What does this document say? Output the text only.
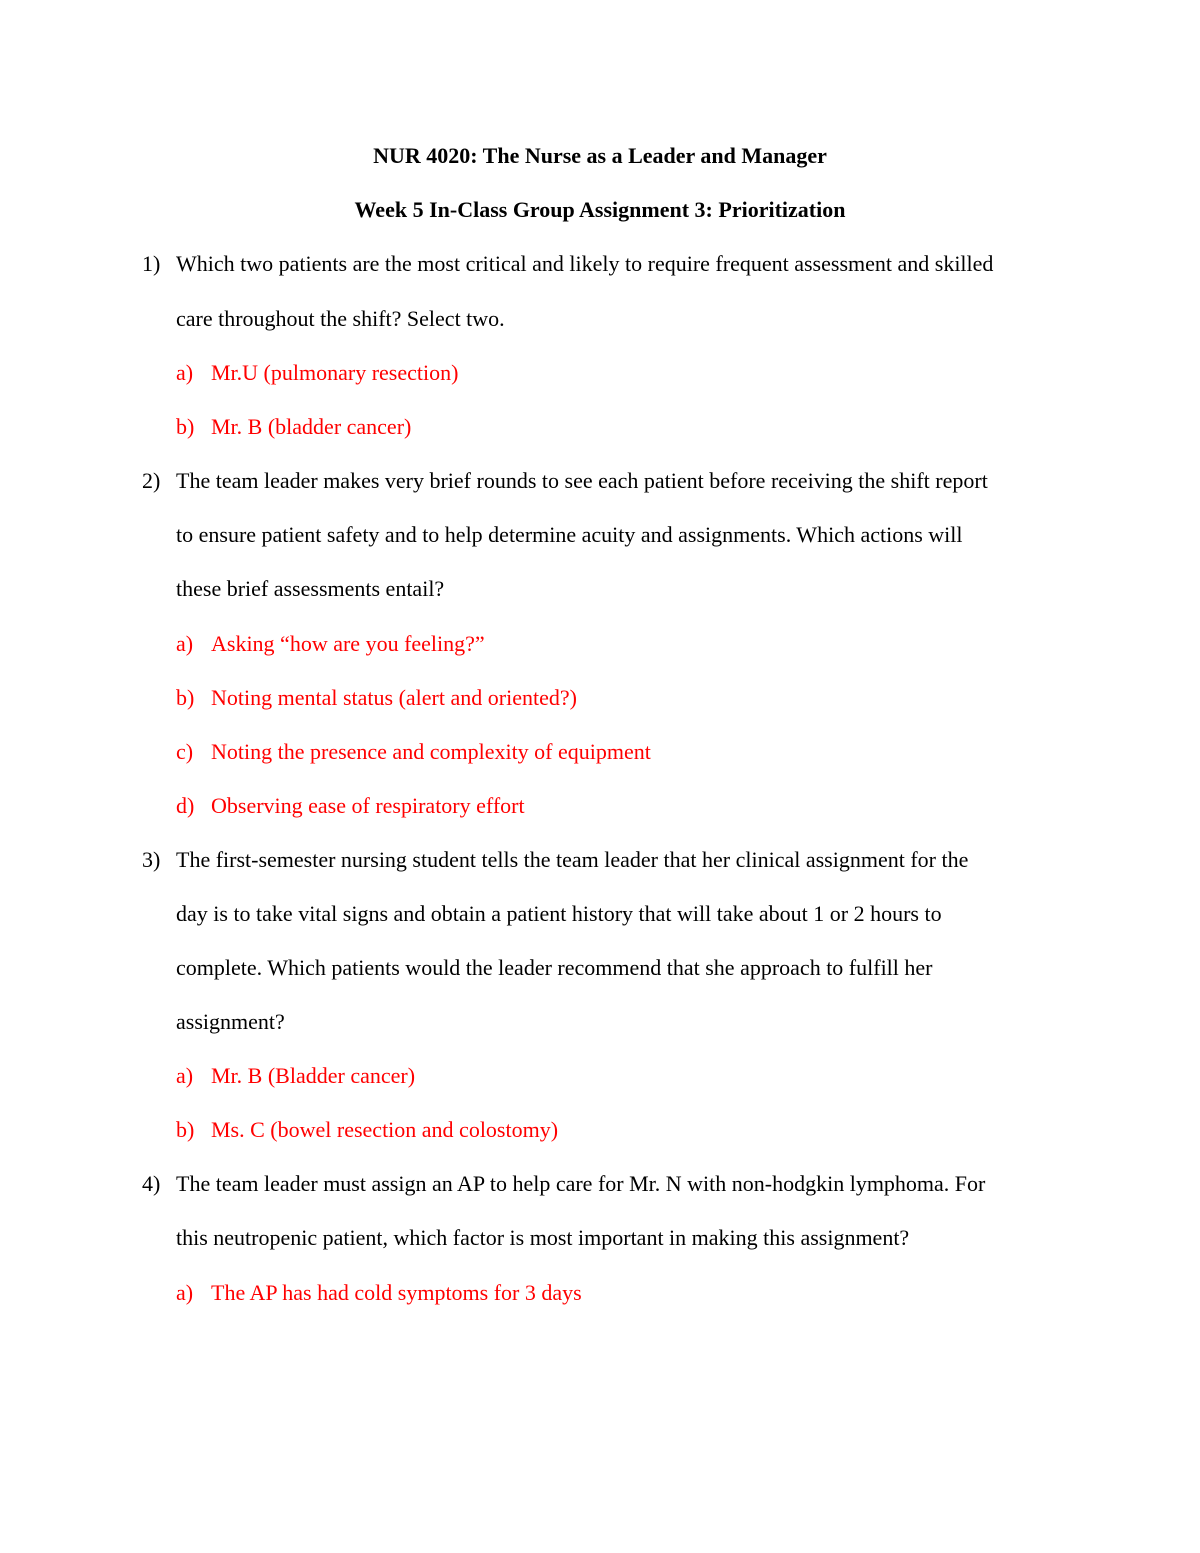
NUR 4020: The Nurse as a Leader and Manager
Week 5 In-Class Group Assignment 3: Prioritization
1) Which two patients are the most critical and likely to require frequent assessment and skilled
care throughout the shift? Select two.
a) Mr.U (pulmonary resection)
b) Mr. B (bladder cancer)
2) The team leader makes very brief rounds to see each patient before receiving the shift report
to ensure patient safety and to help determine acuity and assignments. Which actions will
these brief assessments entail?
a) Asking “how are you feeling?”
b) Noting mental status (alert and oriented?)
c) Noting the presence and complexity of equipment
d) Observing ease of respiratory effort
3) The first-semester nursing student tells the team leader that her clinical assignment for the
day is to take vital signs and obtain a patient history that will take about 1 or 2 hours to
complete. Which patients would the leader recommend that she approach to fulfill her
assignment?
a) Mr. B (Bladder cancer)
b) Ms. C (bowel resection and colostomy)
4) The team leader must assign an AP to help care for Mr. N with non-hodgkin lymphoma. For
this neutropenic patient, which factor is most important in making this assignment?
a) The AP has had cold symptoms for 3 days
